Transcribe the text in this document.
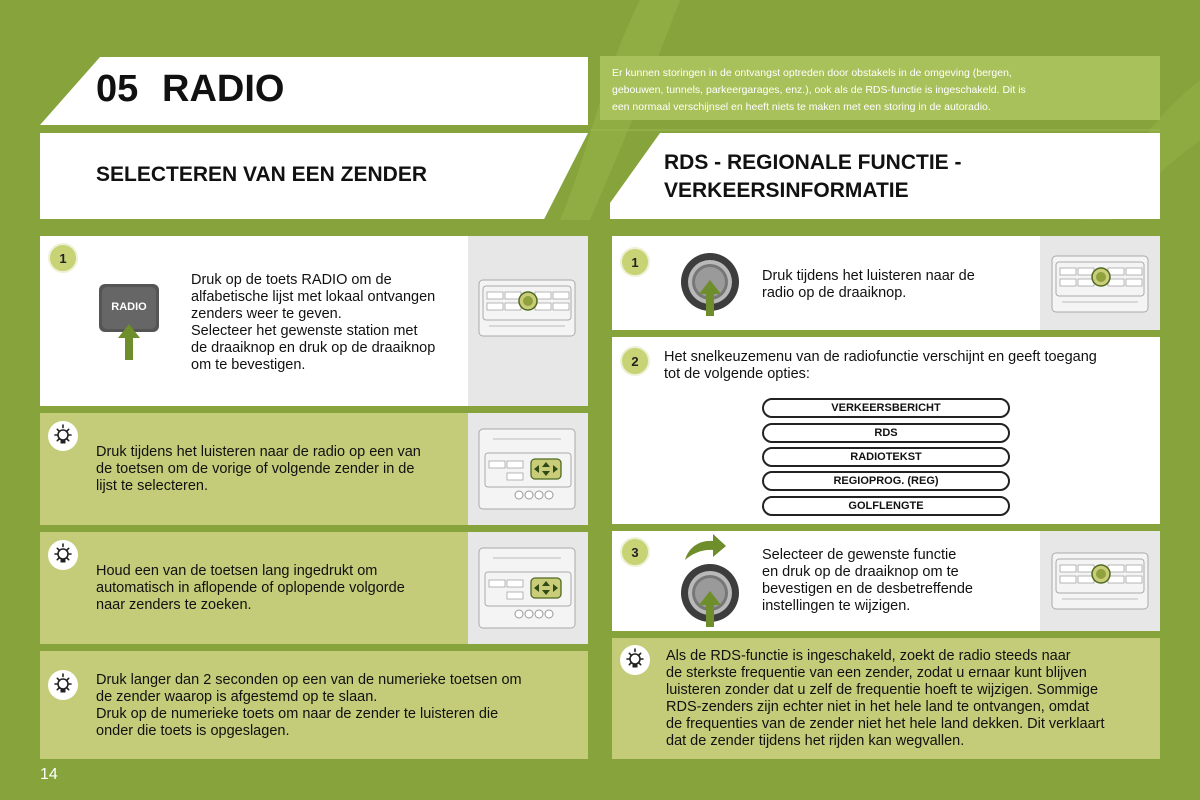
05 RADIO	Er kunnen storingen in de ontvangst optreden door obstakels in de omgeving (bergen,
gebouwen, tunnels, parkeergarages, enz.), ook als de RDS-functie is ingeschakeld. Dit is
een normaal verschijnsel en heeft niets te maken met een storing in de autoradio.
SELECTEREN VAN EEN ZENDER
RDS - REGIONALE FUNCTIE -
VERKEERSINFORMATIE
1
RADIO
Druk op de toets RADIO om de
alfabetische lijst met lokaal ontvangen
zenders weer te geven.
Selecteer het gewenste station met
de draaiknop en druk op de draaiknop
om te bevestigen.
Druk tijdens het luisteren naar de radio op een van
de toetsen om de vorige of volgende zender in de
lijst te selecteren.
Houd een van de toetsen lang ingedrukt om
automatisch in aflopende of oplopende volgorde
naar zenders te zoeken.
Druk langer dan 2 seconden op een van de numerieke toetsen om
de zender waarop is afgestemd op te slaan.
Druk op de numerieke toets om naar de zender te luisteren die
onder die toets is opgeslagen.
1
Druk tijdens het luisteren naar de
radio op de draaiknop.
2	Het snelkeuzemenu van de radiofunctie verschijnt en geeft toegang
tot de volgende opties:
VERKEERSBERICHT
RDS
RADIOTEKST
REGIOPROG. (REG)
GOLFLENGTE
3	Selecteer de gewenste functie
en druk op de draaiknop om te
bevestigen en de desbetreffende
instellingen te wijzigen.
Als de RDS-functie is ingeschakeld, zoekt de radio steeds naar
de sterkste frequentie van een zender, zodat u ernaar kunt blijven
luisteren zonder dat u zelf de frequentie hoeft te wijzigen. Sommige
RDS-zenders zijn echter niet in het hele land te ontvangen, omdat
de frequenties van de zender niet het hele land dekken. Dit verklaart
dat de zender tijdens het rijden kan wegvallen.
14
